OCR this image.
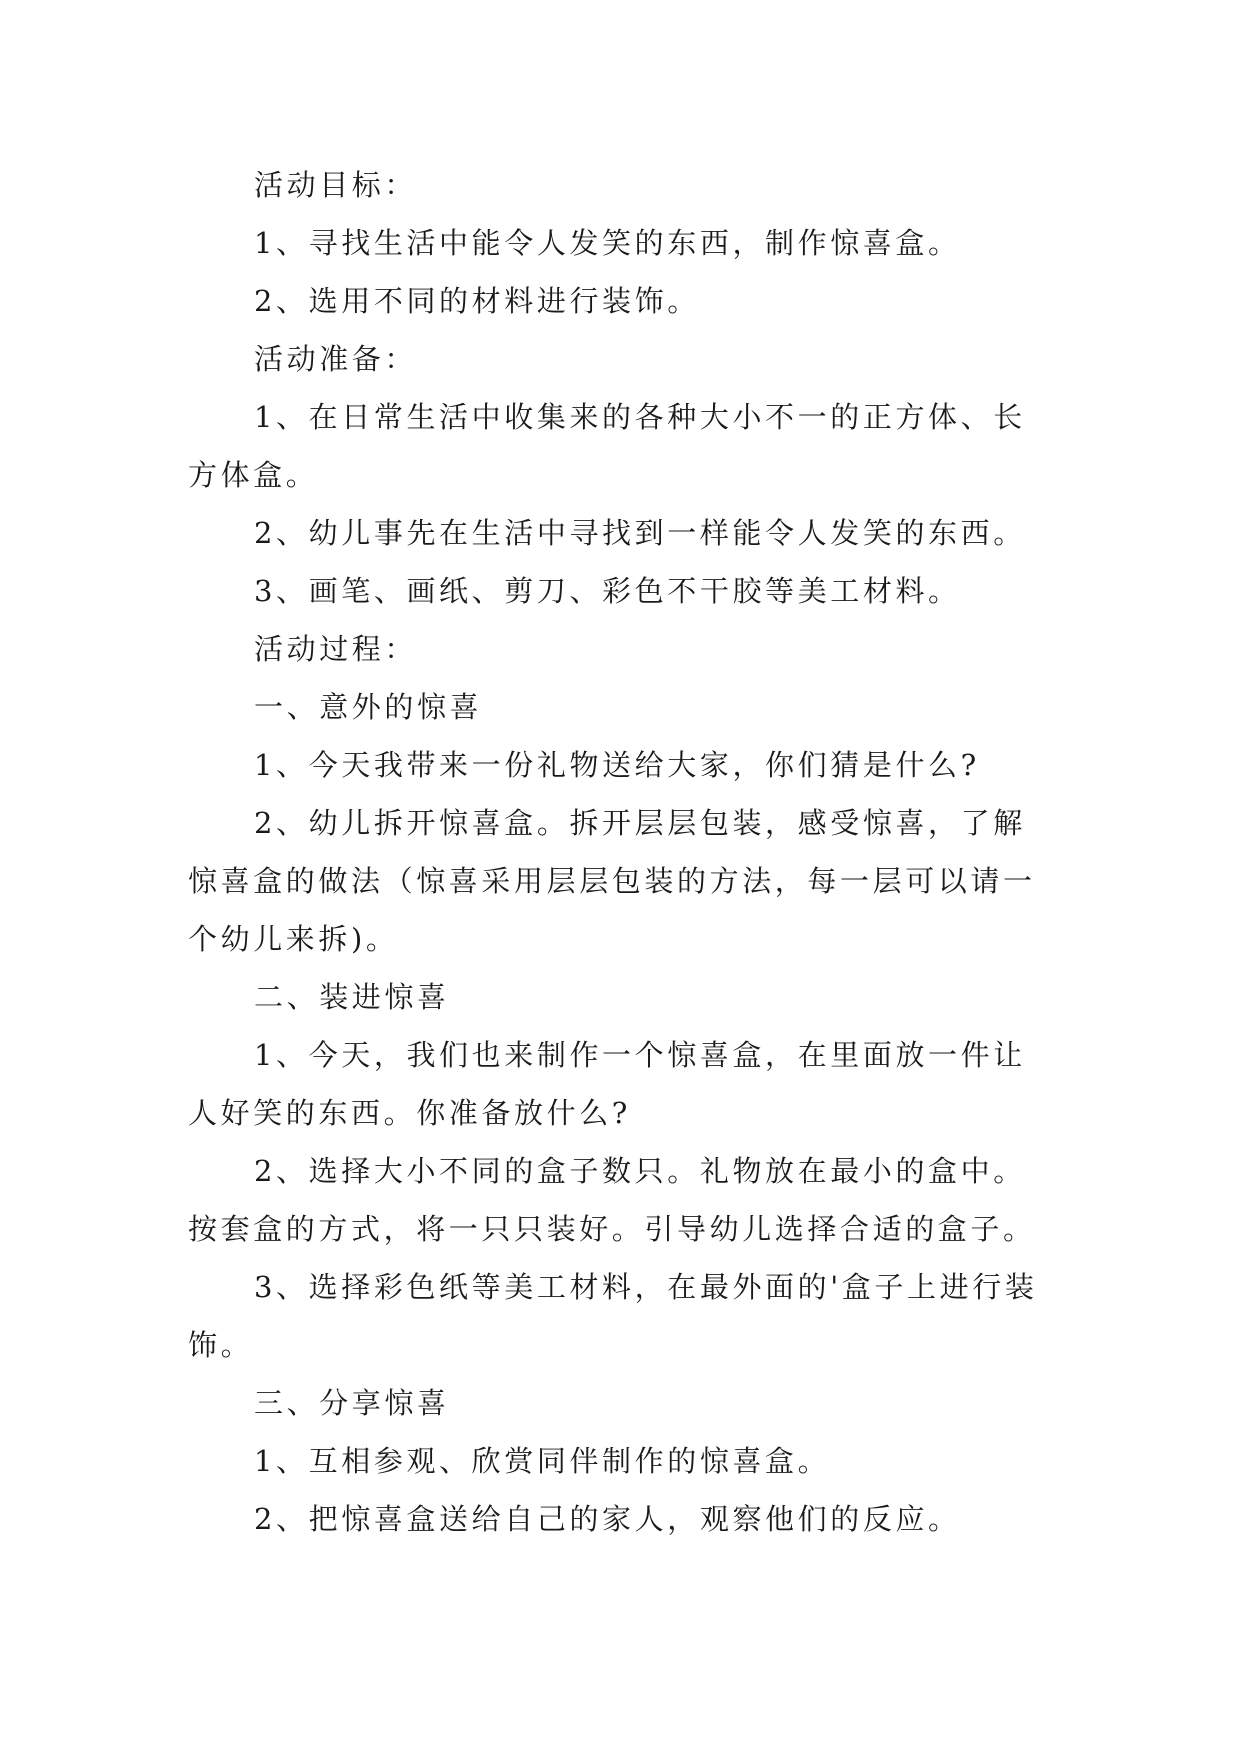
活动目标：

1、寻找生活中能令人发笑的东西，制作惊喜盒。

2、选用不同的材料进行装饰。

活动准备：

1、在日常生活中收集来的各种大小不一的正方体、长方体盒。

2、幼儿事先在生活中寻找到一样能令人发笑的东西。

3、画笔、画纸、剪刀、彩色不干胶等美工材料。

活动过程：

一、意外的惊喜

1、今天我带来一份礼物送给大家，你们猜是什么?

2、幼儿拆开惊喜盒。拆开层层包装，感受惊喜，了解惊喜盒的做法（惊喜采用层层包装的方法，每一层可以请一个幼儿来拆)。

二、装进惊喜

1、今天，我们也来制作一个惊喜盒，在里面放一件让人好笑的东西。你准备放什么?

2、选择大小不同的盒子数只。礼物放在最小的盒中。按套盒的方式，将一只只装好。引导幼儿选择合适的盒子。

3、选择彩色纸等美工材料，在最外面的'盒子上进行装饰。

三、分享惊喜

1、互相参观、欣赏同伴制作的惊喜盒。

2、把惊喜盒送给自己的家人，观察他们的反应。
